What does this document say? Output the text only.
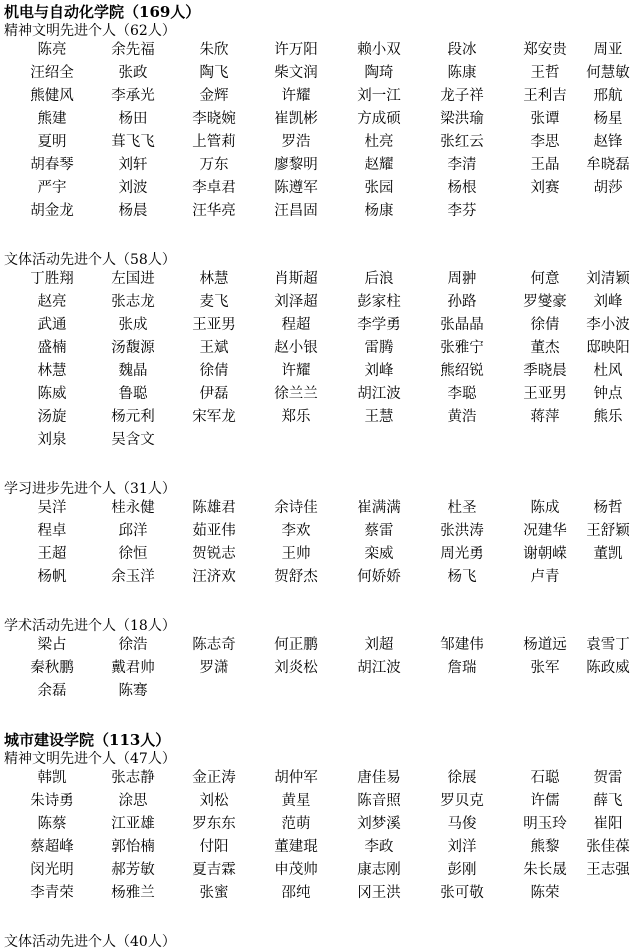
机电与自动化学院（169人）
精神文明先进个人（62人）
陈亮	余先福	朱欣	许万阳	赖小双	段冰	郑安贵 周亚
汪绍全	张政	陶飞	柴文润	陶琦	陈康	王哲 何慧敏
熊健风	李承光	金辉	许耀	刘一江	龙子祥	王利吉 邢航
熊建	杨田	李晓婉	崔凯彬	方成硕	梁洪瑜	张谭 杨星
夏明	葺飞飞	上管莉	罗浩	杜亮	张红云	李思 赵锋
胡春琴	刘轩	万东	廖黎明	赵耀	李清	王晶 牟晓磊
严宇	刘波	李卓君	陈遵军	张园	杨根	刘赛 胡莎
胡金龙	杨晨	汪华亮	汪昌固	杨康	李芬
文体活动先进个人（58人）
丁胜翔	左国进	林慧	肖斯超	后浪	周翀	何意 刘清颖
赵亮	张志龙	麦飞	刘泽超	彭家柱	孙路	罗燮豪 刘峰
武通	张成	王亚男	程超	李学勇	张晶晶	徐倩 李小波
盛楠	汤馥源	王斌	赵小银	雷腾	张雅宁	董杰 邸映阳
林慧	魏晶	徐倩	许耀	刘峰	熊绍锐	季晓晨 杜风
陈威	鲁聪	伊磊	徐兰兰	胡江波	李聪	王亚男 钟点
汤旋	杨元利	宋军龙	郑乐	王慧	黄浩	蒋萍 熊乐
刘泉	吴含文
学习进步先进个人（31人）
吴洋	桂永健	陈雄君	余诗佳	崔满满	杜圣	陈成 杨哲
程卓	邱洋	茹亚伟	李欢	蔡雷	张洪涛	况建华 王舒颖
王超	徐恒	贺锐志	王帅	栾威	周光勇	谢朝嵘 董凯
杨帆	余玉洋	汪济欢	贺舒杰	何娇娇	杨飞	卢青
学术活动先进个人（18人）
梁占	徐浩	陈志奇	何正鹏	刘超	邹建伟	杨道远 袁雪丁
秦秋鹏	戴君帅	罗潇	刘炎松	胡江波	詹瑞	张军 陈政威
余磊	陈骞
城市建设学院（113人）
精神文明先进个人（47人）
韩凯	张志静	金正涛	胡仲军	唐佳易	徐展	石聪 贺雷
朱诗勇	涂思	刘松	黄星	陈音照	罗贝克	许儒 薛飞
陈蔡	江亚雄	罗东东	范萌	刘梦溪	马俊	明玉玲 崔阳
蔡超峰	郭怡楠	付阳	董建琨	李政	刘洋	熊黎 张佳葆
闵光明	郝芳敏	夏吉霖	申茂帅	康志刚	彭刚	朱长晟 王志强
李青荣	杨雅兰	张蜜	邵纯	冈王洪	张可敬	陈荣
文体活动先进个人（40人）
